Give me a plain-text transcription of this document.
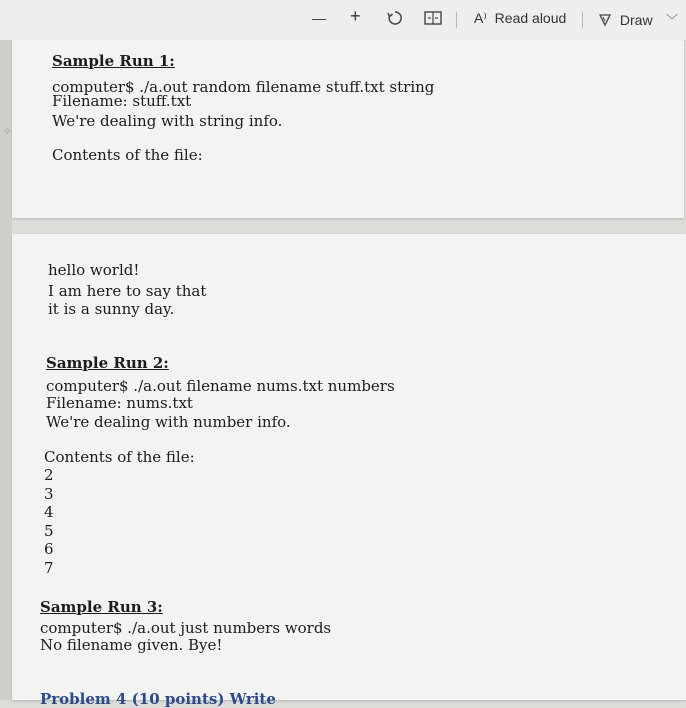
— +	A⁾ Read aloud	Draw ﹀
✧
Sample Run 1:
computer$ ./a.out random filename stuff.txt string
Filename: stuff.txt
We're dealing with string info.
Contents of the file:
hello world!
I am here to say that
it is a sunny day.
Sample Run 2:
computer$ ./a.out filename nums.txt numbers
Filename: nums.txt
We're dealing with number info.
Contents of the file:
2
3
4
5
6
7
Sample Run 3:
computer$ ./a.out just numbers words
No filename given. Bye!
Problem 4 (10 points) Write
